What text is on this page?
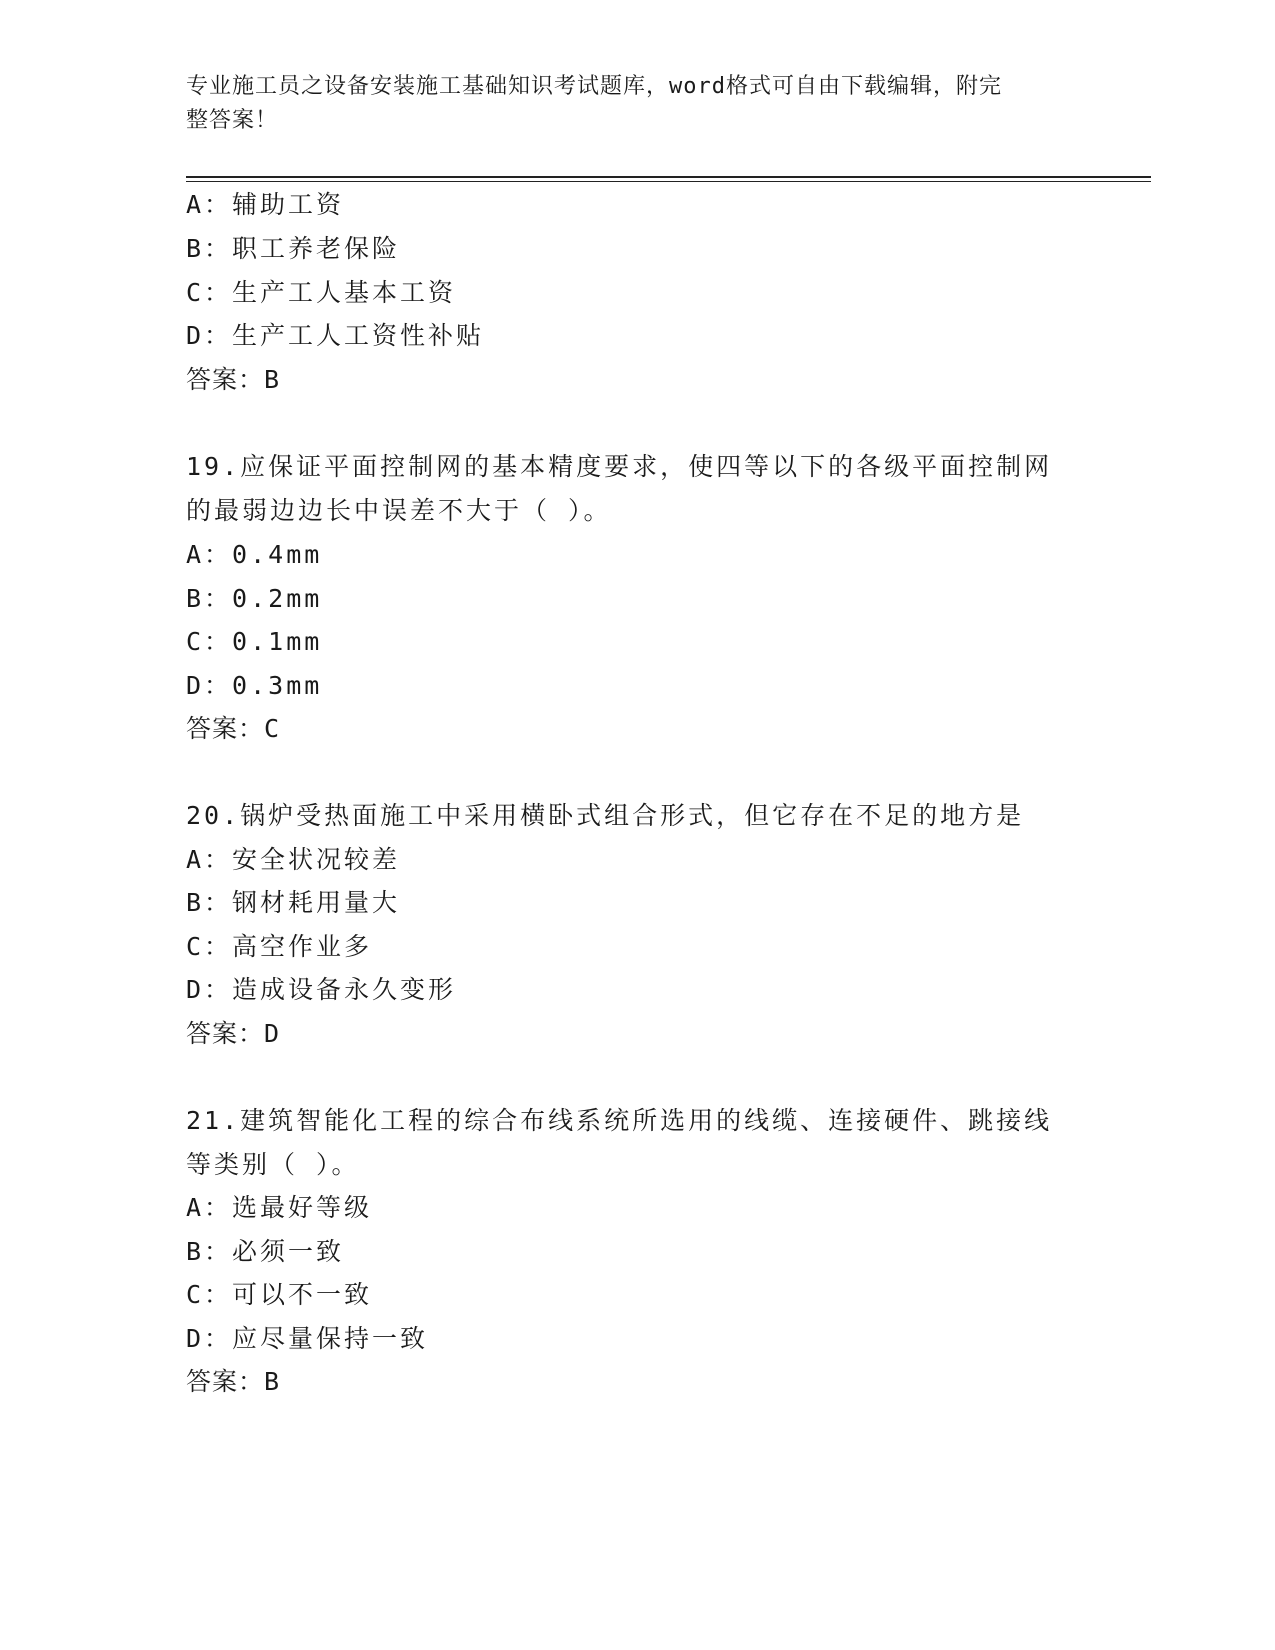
专业施工员之设备安装施工基础知识考试题库，word格式可自由下载编辑，附完
整答案！
A：辅助工资
B：职工养老保险
C：生产工人基本工资
D：生产工人工资性补贴
答案：B
19.应保证平面控制网的基本精度要求，使四等以下的各级平面控制网
的最弱边边长中误差不大于（ ）。
A：0.4mm
B：0.2mm
C：0.1mm
D：0.3mm
答案：C
20.锅炉受热面施工中采用横卧式组合形式，但它存在不足的地方是
A：安全状况较差
B：钢材耗用量大
C：高空作业多
D：造成设备永久变形
答案：D
21.建筑智能化工程的综合布线系统所选用的线缆、连接硬件、跳接线
等类别（ ）。
A：选最好等级
B：必须一致
C：可以不一致
D：应尽量保持一致
答案：B
